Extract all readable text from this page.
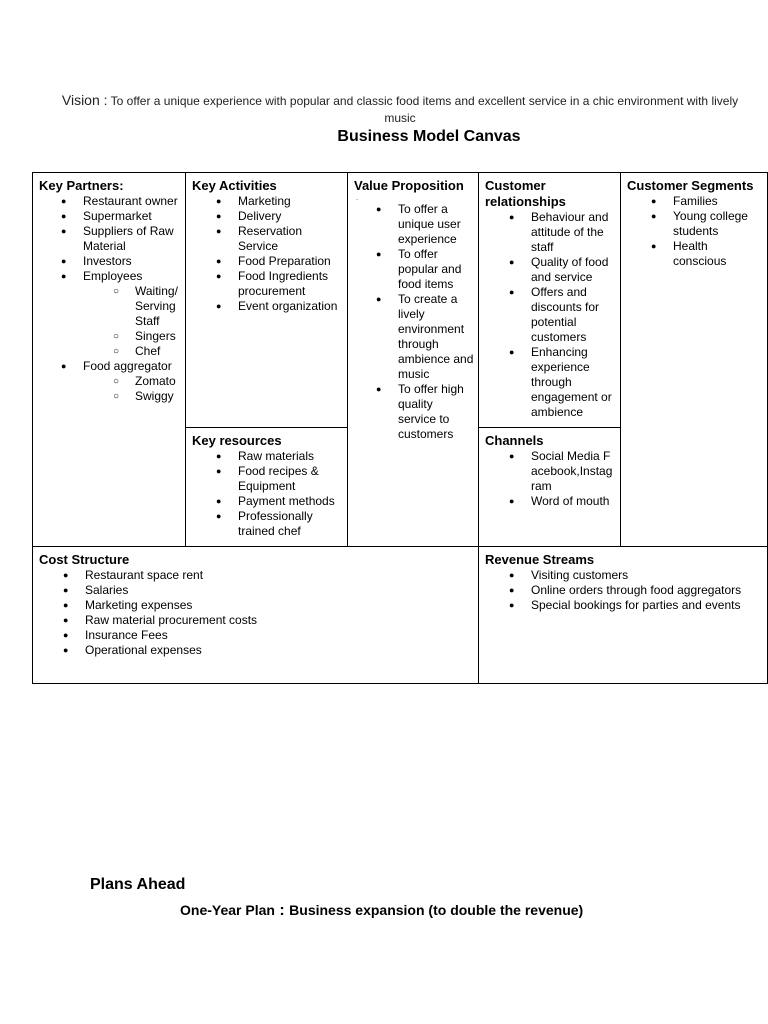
Vision : To offer a unique experience with popular and classic food items and excellent service in a chic environment with lively music
Business Model Canvas
Key Partners:
● Restaurant owner
● Supermarket
● Suppliers of Raw Material
● Investors
● Employees
○ Waiting/ Serving Staff
○ Singers
○ Chef
● Food aggregator
○ Zomato
○ Swiggy
Key Activities
● Marketing
● Delivery
● Reservation Service
● Food Preparation
● Food Ingredients procurement
● Event organization
Key resources
● Raw materials
● Food recipes & Equipment
● Payment methods
● Professionally trained chef
Value Proposition
.
● To offer a unique user experience
● To offer popular and food items
● To create a lively environment through ambience and music
● To offer high quality service to customers
Customer relationships
● Behaviour and attitude of the staff
● Quality of food and service
● Offers and discounts for potential customers
● Enhancing experience through engagement or ambience
Channels
● Social Media Facebook,Instagram
● Word of mouth
Customer Segments
● Families
● Young college students
● Health conscious
Cost Structure
● Restaurant space rent
● Salaries
● Marketing expenses
● Raw material procurement costs
● Insurance Fees
● Operational expenses
Revenue Streams
● Visiting customers
● Online orders through food aggregators
● Special bookings for parties and events
Plans Ahead
One-Year Plan : Business expansion (to double the revenue)
